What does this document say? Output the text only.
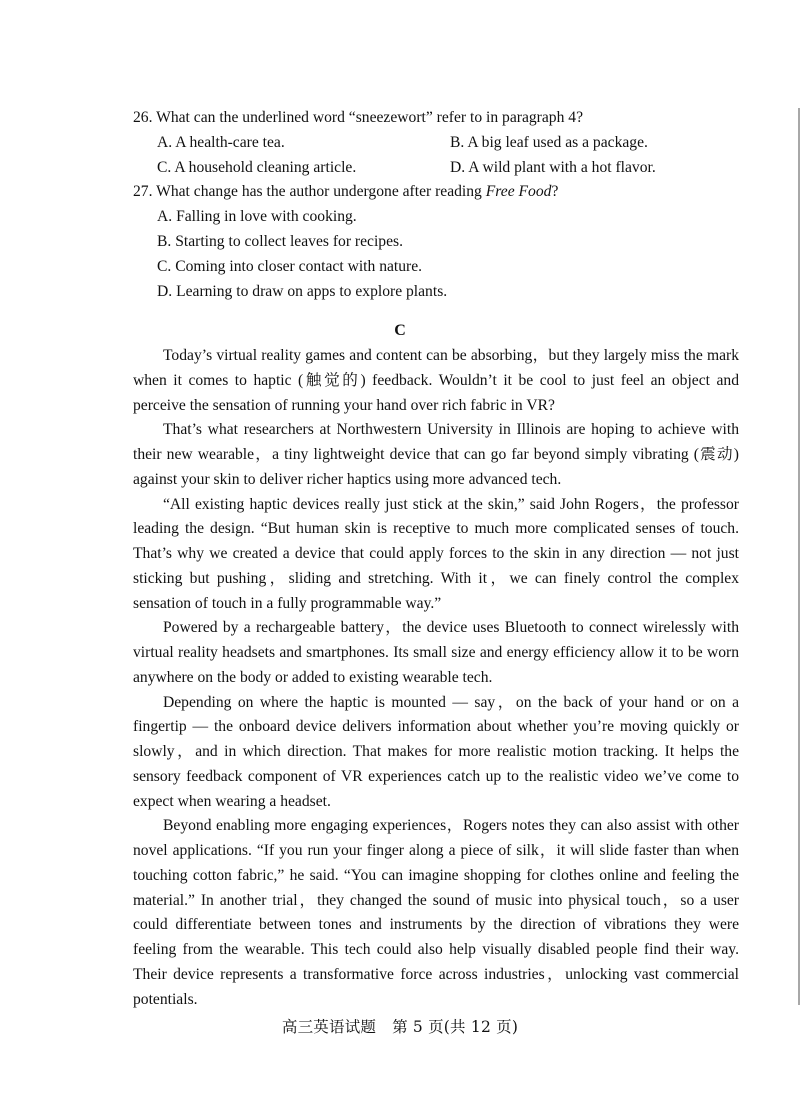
26. What can the underlined word “sneezewort” refer to in paragraph 4?
A. A health-care tea.	B. A big leaf used as a package.
C. A household cleaning article.	D. A wild plant with a hot flavor.
27. What change has the author undergone after reading Free Food?
A. Falling in love with cooking.
B. Starting to collect leaves for recipes.
C. Coming into closer contact with nature.
D. Learning to draw on apps to explore plants.
C

Today’s virtual reality games and content can be absorbing，but they largely miss the mark when it comes to haptic (触觉的) feedback. Wouldn’t it be cool to just feel an object and perceive the sensation of running your hand over rich fabric in VR?

That’s what researchers at Northwestern University in Illinois are hoping to achieve with their new wearable，a tiny lightweight device that can go far beyond simply vibrating (震动) against your skin to deliver richer haptics using more advanced tech.

“All existing haptic devices really just stick at the skin,” said John Rogers，the professor leading the design. “But human skin is receptive to much more complicated senses of touch. That’s why we created a device that could apply forces to the skin in any direction — not just sticking but pushing，sliding and stretching. With it，we can finely control the complex sensation of touch in a fully programmable way.”

Powered by a rechargeable battery，the device uses Bluetooth to connect wirelessly with virtual reality headsets and smartphones. Its small size and energy efficiency allow it to be worn anywhere on the body or added to existing wearable tech.

Depending on where the haptic is mounted — say，on the back of your hand or on a fingertip — the onboard device delivers information about whether you’re moving quickly or slowly，and in which direction. That makes for more realistic motion tracking. It helps the sensory feedback component of VR experiences catch up to the realistic video we’ve come to expect when wearing a headset.

Beyond enabling more engaging experiences，Rogers notes they can also assist with other novel applications. “If you run your finger along a piece of silk，it will slide faster than when touching cotton fabric,” he said. “You can imagine shopping for clothes online and feeling the material.” In another trial，they changed the sound of music into physical touch，so a user could differentiate between tones and instruments by the direction of vibrations they were feeling from the wearable. This tech could also help visually disabled people find their way. Their device represents a transformative force across industries，unlocking vast commercial potentials.

高三英语试题 第 5 页(共 12 页)
